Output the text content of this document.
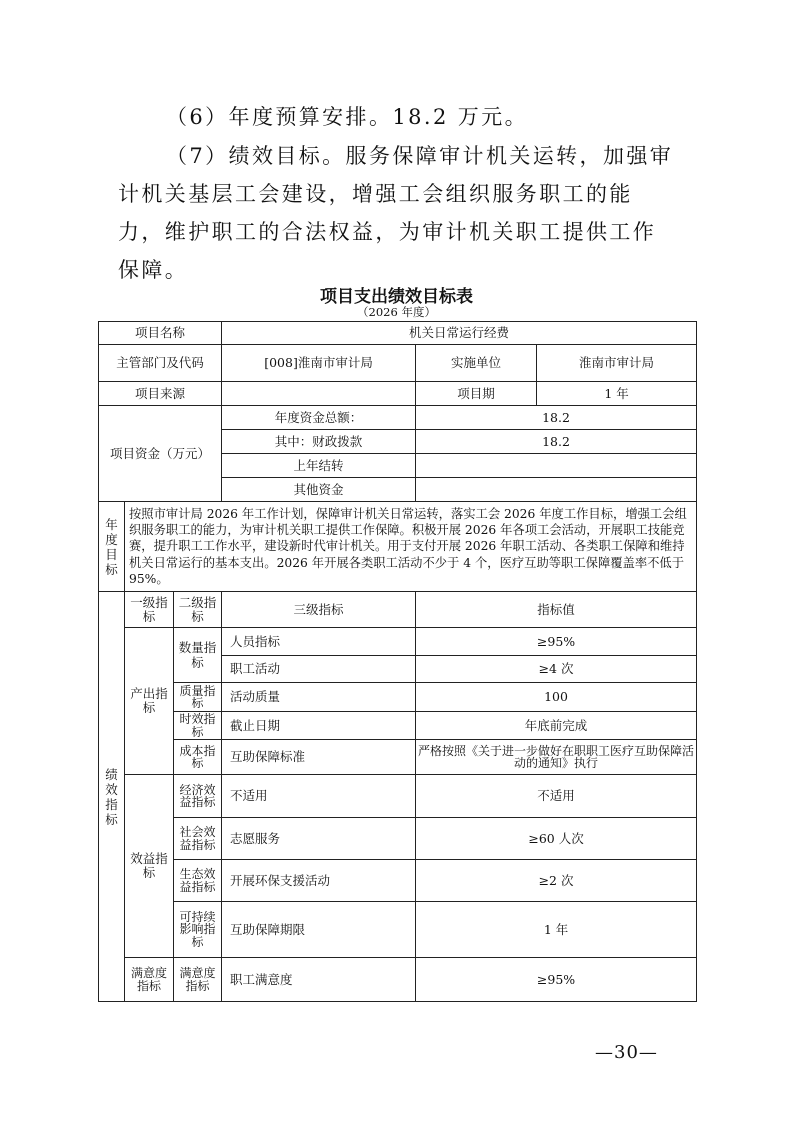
（6）年度预算安排。18.2 万元。
（7）绩效目标。服务保障审计机关运转，加强审计机关基层工会建设，增强工会组织服务职工的能力，维护职工的合法权益，为审计机关职工提供工作保障。
项目支出绩效目标表
（2026 年度）
项目名称			机关日常运行经费		
主管部门及代码			[008]淮南市审计局	实施单位	淮南市审计局
项目来源				项目期	1 年
项目资金（万元）			年度资金总额：	18.2	
			其中：财政拨款	18.2	
			上年结转		
			其他资金		
年度目标	按照市审计局 2026 年工作计划，保障审计机关日常运转，落实工会 2026 年度工作目标，增强工会组织服务职工的能力，为审计机关职工提供工作保障。积极开展 2026 年各项工会活动，开展职工技能竞赛，提升职工工作水平，建设新时代审计机关。用于支付开展 2026 年职工活动、各类职工保障和维持机关日常运行的基本支出。2026 年开展各类职工活动不少于 4 个，医疗互助等职工保障覆盖率不低于 95%。				
绩效指标	一级指标	二级指标	三级指标	指标值	
	产出指标	数量指标	人员指标	≥95%	
			职工活动	≥4 次	
		质量指标	活动质量	100	
		时效指标	截止日期	年底前完成	
		成本指标	互助保障标准	严格按照《关于进一步做好在职职工医疗互助保障活动的通知》执行	

	效益指标	经济效益指标	不适用	不适用	
		社会效益指标	志愿服务	≥60 人次	
		生态效益指标	开展环保支援活动	≥2 次	
		可持续影响指标	互助保障期限	1 年	
	满意度指标	满意度指标	职工满意度	≥95%	
—30—
